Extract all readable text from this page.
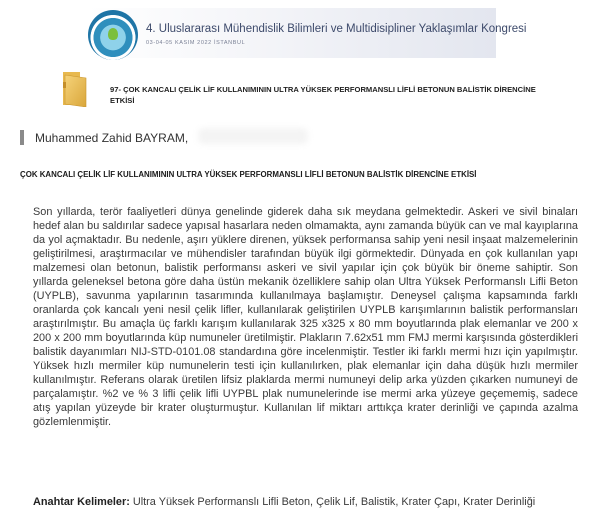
4. Uluslararası Mühendislik Bilimleri ve Multidisipliner Yaklaşımlar Kongresi
03-04-05 KASIM 2022 İSTANBUL
97- ÇOK KANCALI ÇELİK LİF KULLANIMININ ULTRA YÜKSEK PERFORMANSLI LİFLİ BETONUN BALİSTİK DİRENCİNE ETKİSİ
Muhammed Zahid BAYRAM,
ÇOK KANCALI ÇELİK LİF KULLANIMININ ULTRA YÜKSEK PERFORMANSLI LİFLİ BETONUN BALİSTİK DİRENCİNE ETKİSİ
Son yıllarda, terör faaliyetleri dünya genelinde giderek daha sık meydana gelmektedir. Askeri ve sivil binaları hedef alan bu saldırılar sadece yapısal hasarlara neden olmamakta, aynı zamanda büyük can ve mal kayıplarına da yol açmaktadır. Bu nedenle, aşırı yüklere direnen, yüksek performansa sahip yeni nesil inşaat malzemelerinin geliştirilmesi, araştırmacılar ve mühendisler tarafından büyük ilgi görmektedir. Dünyada en çok kullanılan yapı malzemesi olan betonun, balistik performansı askeri ve sivil yapılar için çok büyük bir öneme sahiptir. Son yıllarda geleneksel betona göre daha üstün mekanik özelliklere sahip olan Ultra Yüksek Performanslı Lifli Beton (UYPLB), savunma yapılarının tasarımında kullanılmaya başlamıştır. Deneysel çalışma kapsamında farklı oranlarda çok kancalı yeni nesil çelik lifler, kullanılarak geliştirilen UYPLB karışımlarının balistik performansları araştırılmıştır. Bu amaçla üç farklı karışım kullanılarak 325 x325 x 80 mm boyutlarında plak elemanlar ve 200 x 200 x 200 mm boyutlarında küp numuneler üretilmiştir. Plakların 7.62x51 mm FMJ mermi karşısında gösterdikleri balistik dayanımları NIJ-STD-0101.08 standardına göre incelenmiştir. Testler iki farklı mermi hızı için yapılmıştır. Yüksek hızlı mermiler küp numunelerin testi için kullanılırken, plak elemanlar için daha düşük hızlı mermiler kullanılmıştır. Referans olarak üretilen lifsiz plaklarda mermi numuneyi delip arka yüzden çıkarken numuneyi de parçalamıştır. %2 ve % 3 lifli çelik lifli UYPBL plak numunelerinde ise mermi arka yüzeye geçememiş, sadece atış yapılan yüzeyde bir krater oluşturmuştur. Kullanılan lif miktarı arttıkça krater derinliği ve çapında azalma gözlemlenmiştir.
Anahtar Kelimeler: Ultra Yüksek Performanslı Lifli Beton, Çelik Lif, Balistik, Krater Çapı, Krater Derinliği
